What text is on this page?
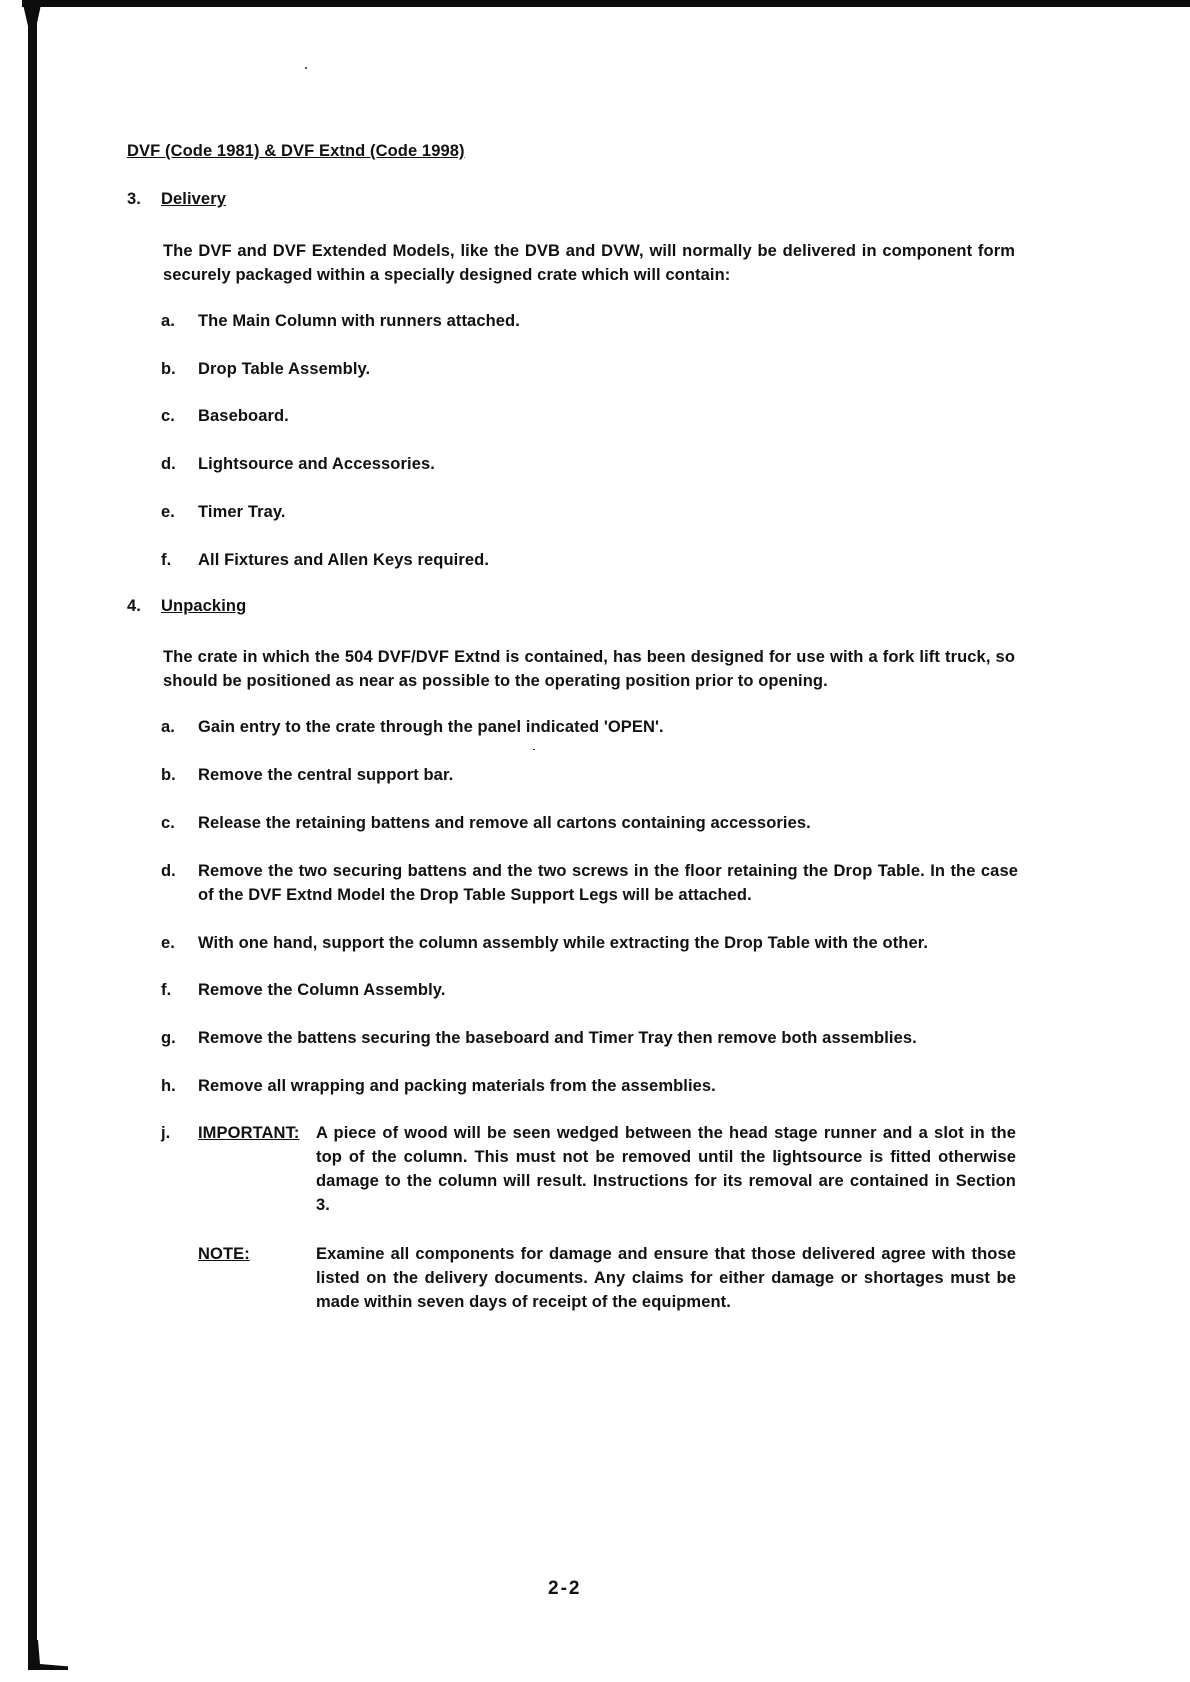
DVF (Code 1981) & DVF Extnd (Code 1998)
3. Delivery
The DVF and DVF Extended Models, like the DVB and DVW, will normally be delivered in component form securely packaged within a specially designed crate which will contain:
a. The Main Column with runners attached.
b. Drop Table Assembly.
c. Baseboard.
d. Lightsource and Accessories.
e. Timer Tray.
f. All Fixtures and Allen Keys required.
4. Unpacking
The crate in which the 504 DVF/DVF Extnd is contained, has been designed for use with a fork lift truck, so should be positioned as near as possible to the operating position prior to opening.
a. Gain entry to the crate through the panel indicated 'OPEN'.
b. Remove the central support bar.
c. Release the retaining battens and remove all cartons containing accessories.
d. Remove the two securing battens and the two screws in the floor retaining the Drop Table. In the case of the DVF Extnd Model the Drop Table Support Legs will be attached.
e. With one hand, support the column assembly while extracting the Drop Table with the other.
f. Remove the Column Assembly.
g. Remove the battens securing the baseboard and Timer Tray then remove both assemblies.
h. Remove all wrapping and packing materials from the assemblies.
j. IMPORTANT: A piece of wood will be seen wedged between the head stage runner and a slot in the top of the column. This must not be removed until the lightsource is fitted otherwise damage to the column will result. Instructions for its removal are contained in Section 3.
NOTE:	Examine all components for damage and ensure that those delivered agree with those listed on the delivery documents. Any claims for either damage or shortages must be made within seven days of receipt of the equipment.
2-2
